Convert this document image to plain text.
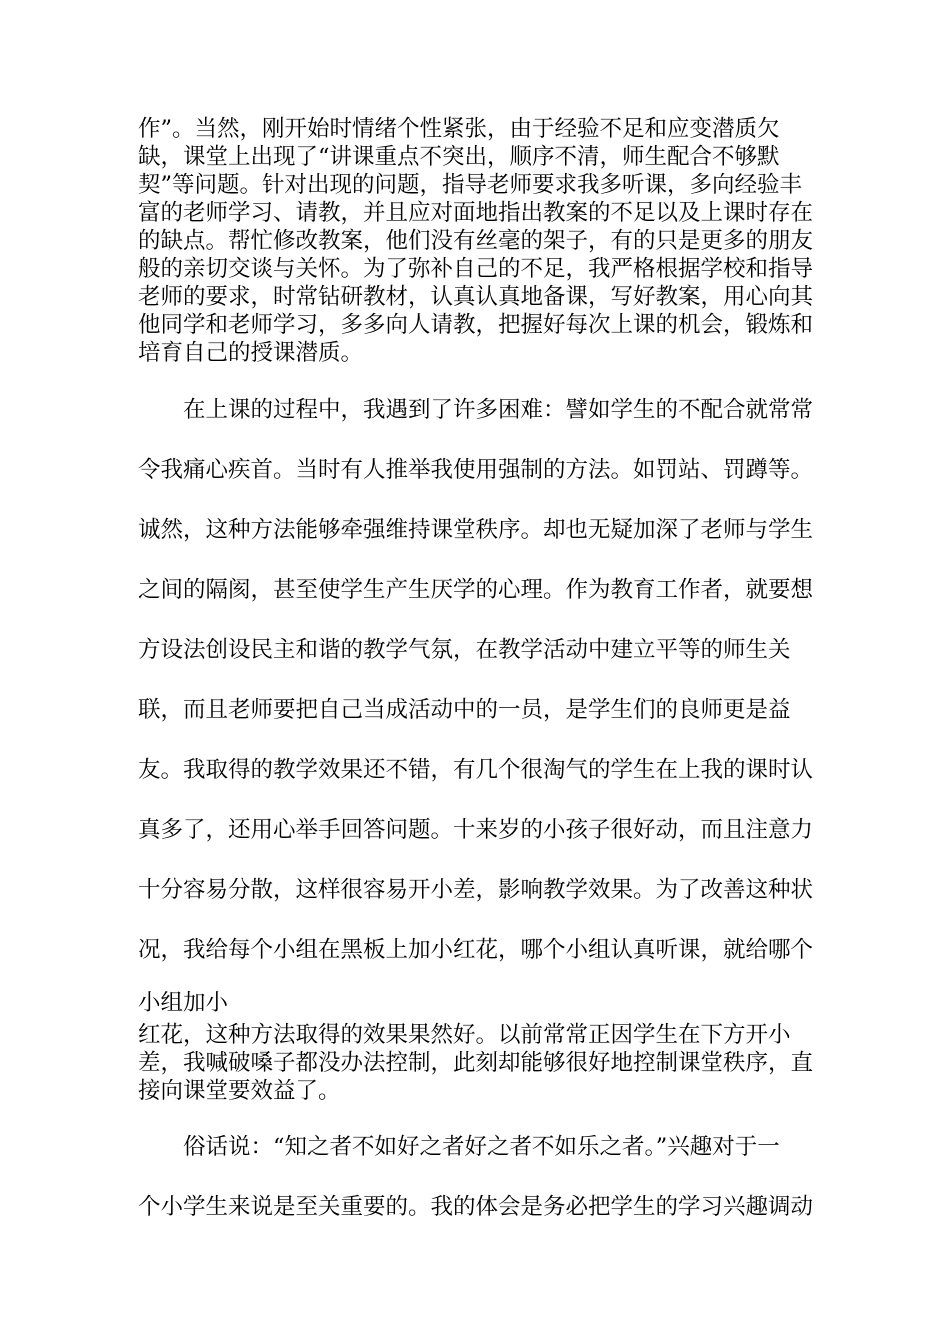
作”。当然，刚开始时情绪个性紧张，由于经验不足和应变潜质欠
缺，课堂上出现了“讲课重点不突出，顺序不清，师生配合不够默
契”等问题。针对出现的问题，指导老师要求我多听课，多向经验丰
富的老师学习、请教，并且应对面地指出教案的不足以及上课时存在
的缺点。帮忙修改教案，他们没有丝毫的架子，有的只是更多的朋友
般的亲切交谈与关怀。为了弥补自己的不足，我严格根据学校和指导
老师的要求，时常钻研教材，认真认真地备课，写好教案，用心向其
他同学和老师学习，多多向人请教，把握好每次上课的机会，锻炼和
培育自己的授课潜质。
在上课的过程中，我遇到了许多困难：譬如学生的不配合就常常
令我痛心疾首。当时有人推举我使用强制的方法。如罚站、罚蹲等。
诚然，这种方法能够牵强维持课堂秩序。却也无疑加深了老师与学生
之间的隔阂，甚至使学生产生厌学的心理。作为教育工作者，就要想
方设法创设民主和谐的教学气氛，在教学活动中建立平等的师生关
联，而且老师要把自己当成活动中的一员，是学生们的良师更是益
友。我取得的教学效果还不错，有几个很淘气的学生在上我的课时认
真多了，还用心举手回答问题。十来岁的小孩子很好动，而且注意力
十分容易分散，这样很容易开小差，影响教学效果。为了改善这种状
况，我给每个小组在黑板上加小红花，哪个小组认真听课，就给哪个
小组加小
红花，这种方法取得的效果果然好。以前常常正因学生在下方开小
差，我喊破嗓子都没办法控制，此刻却能够很好地控制课堂秩序，直
接向课堂要效益了。
俗话说：“知之者不如好之者好之者不如乐之者。”兴趣对于一
个小学生来说是至关重要的。我的体会是务必把学生的学习兴趣调动
